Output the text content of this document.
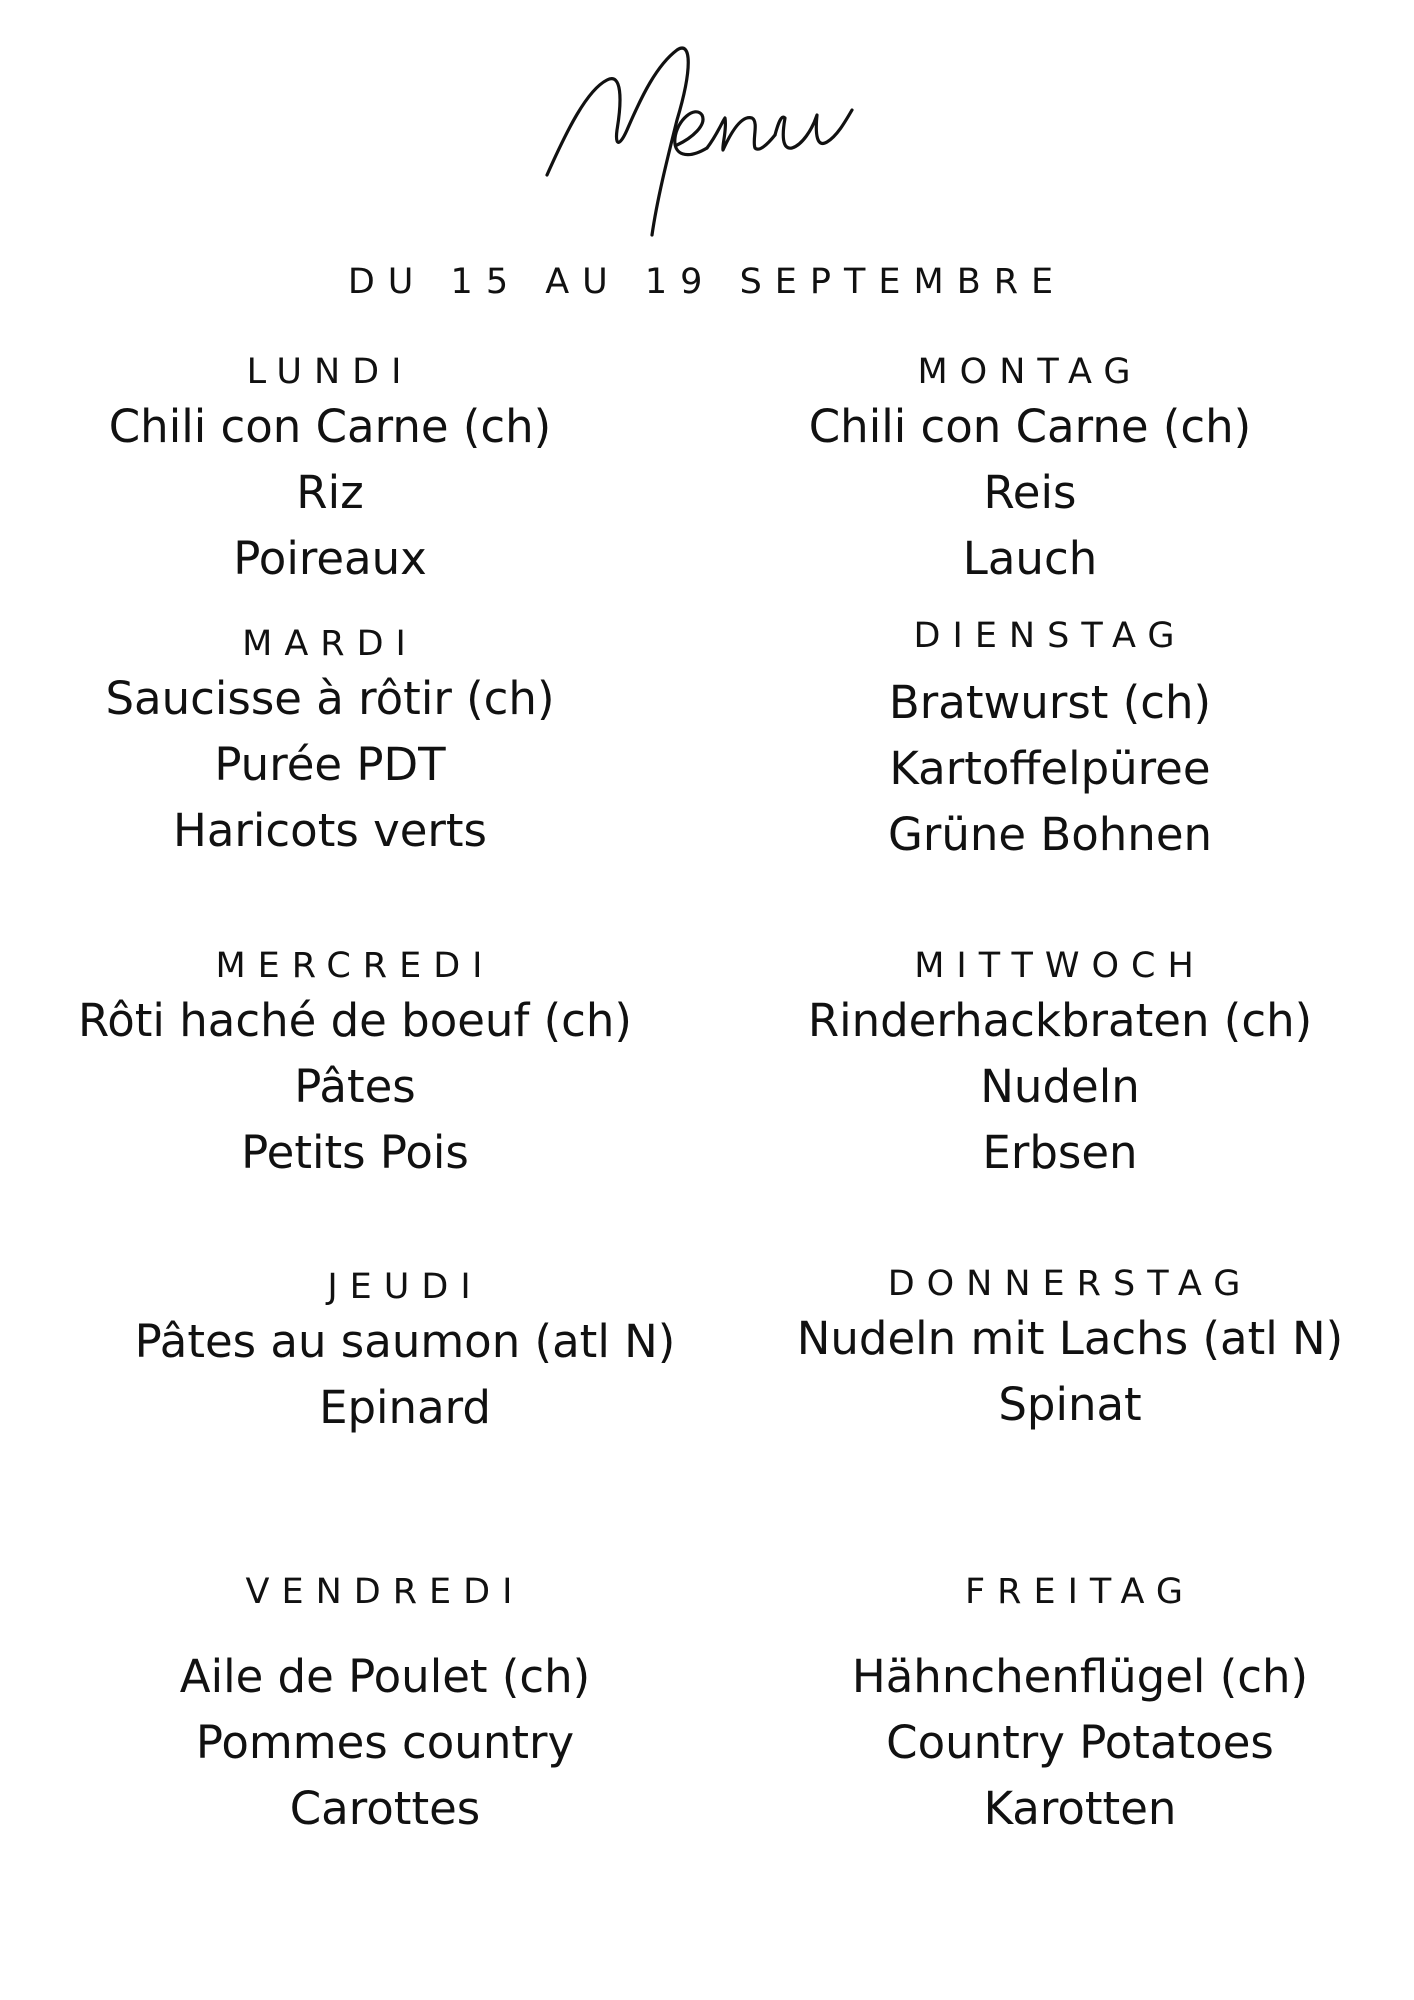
DU 15 AU 19 SEPTEMBRE
LUNDI
Chili con Carne (ch)
Riz
Poireaux
MARDI
Saucisse à rôtir (ch)
Purée PDT
Haricots verts
MERCREDI
Rôti haché de boeuf (ch)
Pâtes
Petits Pois
JEUDI
Pâtes au saumon (atl N)
Epinard
VENDREDI
Aile de Poulet (ch)
Pommes country
Carottes
MONTAG
Chili con Carne (ch)
Reis
Lauch
DIENSTAG
Bratwurst (ch)
Kartoffelpüree
Grüne Bohnen
MITTWOCH
Rinderhackbraten (ch)
Nudeln
Erbsen
DONNERSTAG
Nudeln mit Lachs (atl N)
Spinat
FREITAG
Hähnchenflügel (ch)
Country Potatoes
Karotten
